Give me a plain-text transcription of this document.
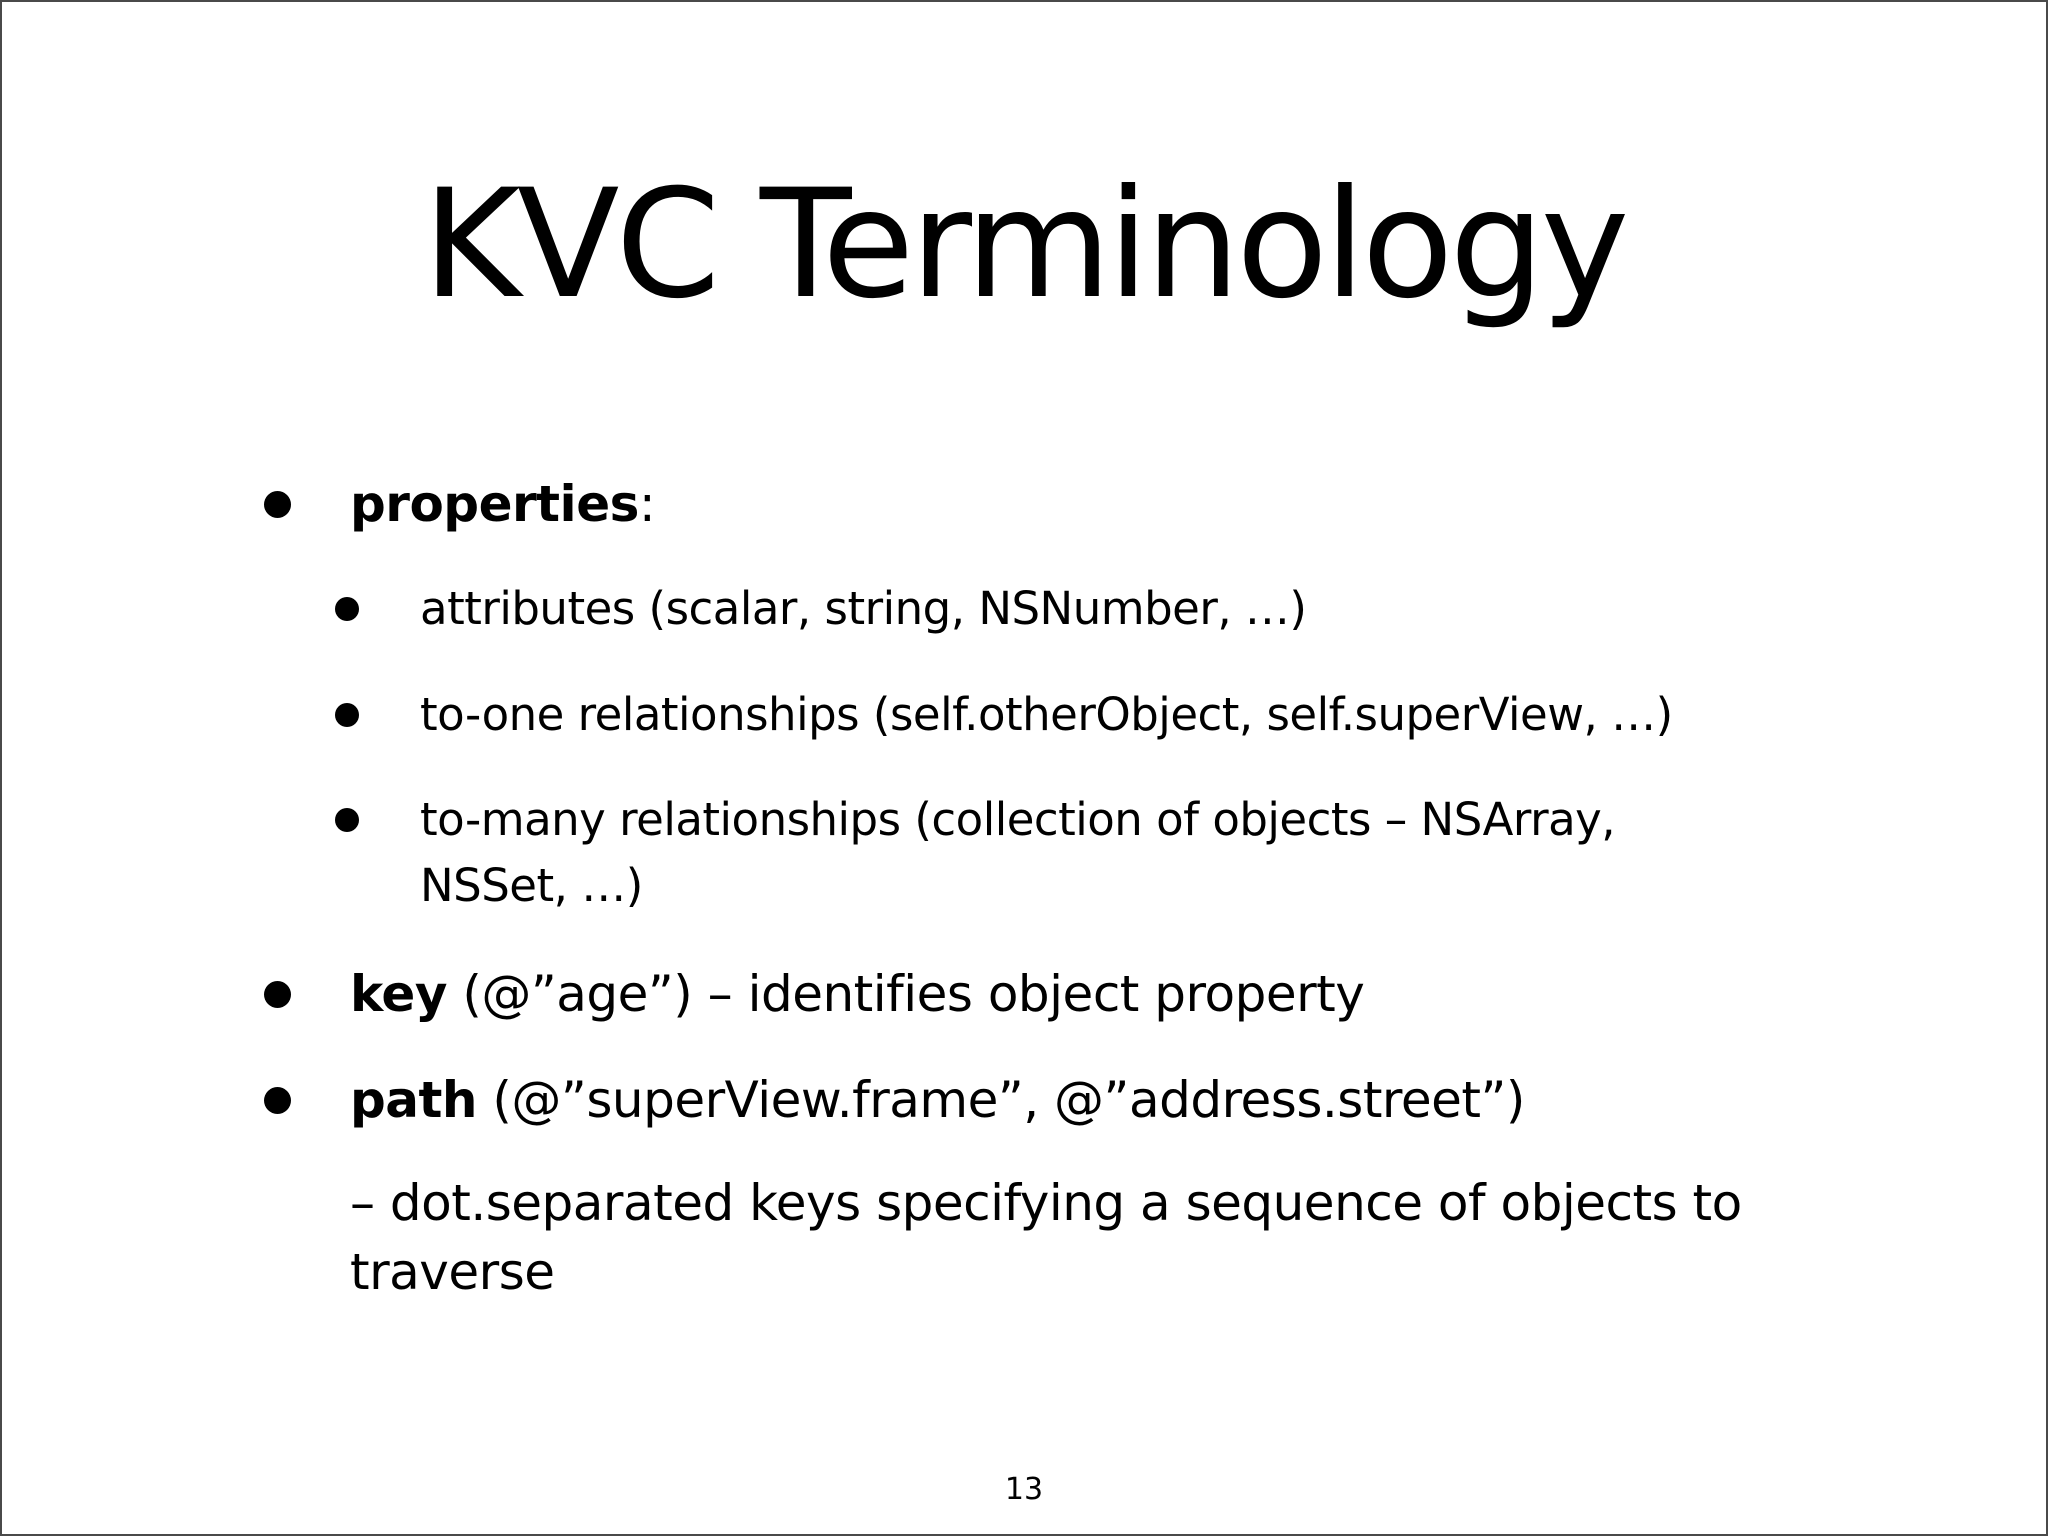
KVC Terminology
properties:
attributes (scalar, string, NSNumber, …)
to-one relationships (self.otherObject, self.superView, …)
to-many relationships (collection of objects – NSArray,
NSSet, …)
key (@”age”) – identifies object property
path (@”superView.frame”, @”address.street”)
– dot.separated keys specifying a sequence of objects to
traverse
13
